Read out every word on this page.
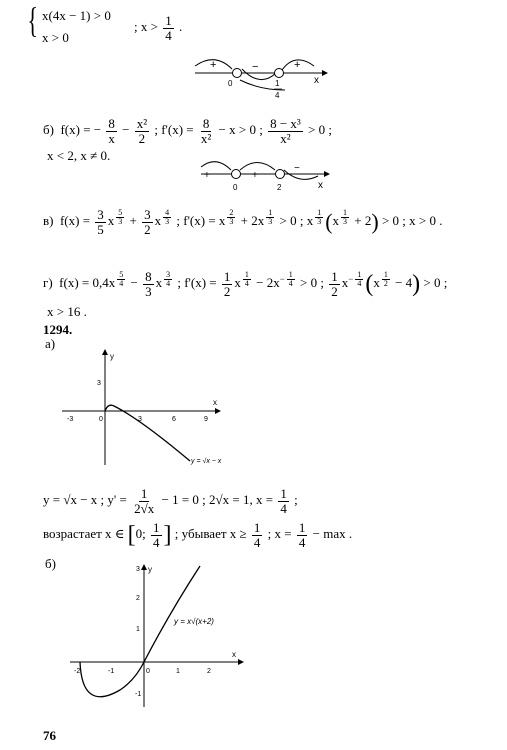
{ x(4x − 1) > 0
x > 0
; $x > \frac{1}{4}$ .
+	−	+
x
0	1
4
б) f(x) = − $\frac{8}{x} - \frac{\text{x²}}{2}$ ; $f'(x) = \frac{8}{\text{x²}} - x > 0$ ; $\frac{\text{8 − x³}}{\text{x²}} > 0$ ;
x < 2, x ≠ 0.
+	+
−
0	2	x
в) $f(x) = \frac{3}{5}$ x $^{\frac{5}{3}} + \frac{3}{2}$ x $^{\frac{4}{3}}$ ; f'(x) = x $^{\frac{2}{3}}$ + 2x $^{\frac{1}{3}}$ > 0 ; x $^{\frac{1}{3}}$ (x $^{\frac{1}{3}}$ + 2) > 0 ; x > 0 .
г) f(x) = 0,4x $^{\frac{5}{4}} - \frac{8}{3}$ x $^{\frac{3}{4}}$ ; $f'(x) = \frac{1}{2}$ x $^{\frac{1}{4}} - 2x^{- \frac{1}{4}} > 0$ ; $\frac{1}{2} x^{- \frac{1}{4}}$ (x $^{\frac{1}{2}}$ − 4) > 0 ;
x > 16 .
1294.
а)
y
x
3
-3	0	3	6	9
y = √x − x
y = √x − x ; $y' = \frac{1}{2√x} - 1 = 0$ ; 2√x = 1, $x = \frac{1}{4}$ ;
возрастает x ∈ [0; $\frac{1}{4}$ ] ; убывает $x \ge \frac{1}{4}$ ; $x = \frac{1}{4} - \max$ .
б)	y
x
3
2
1
-1
-2	-1	0	1	2
y = x√(x+2)
76
